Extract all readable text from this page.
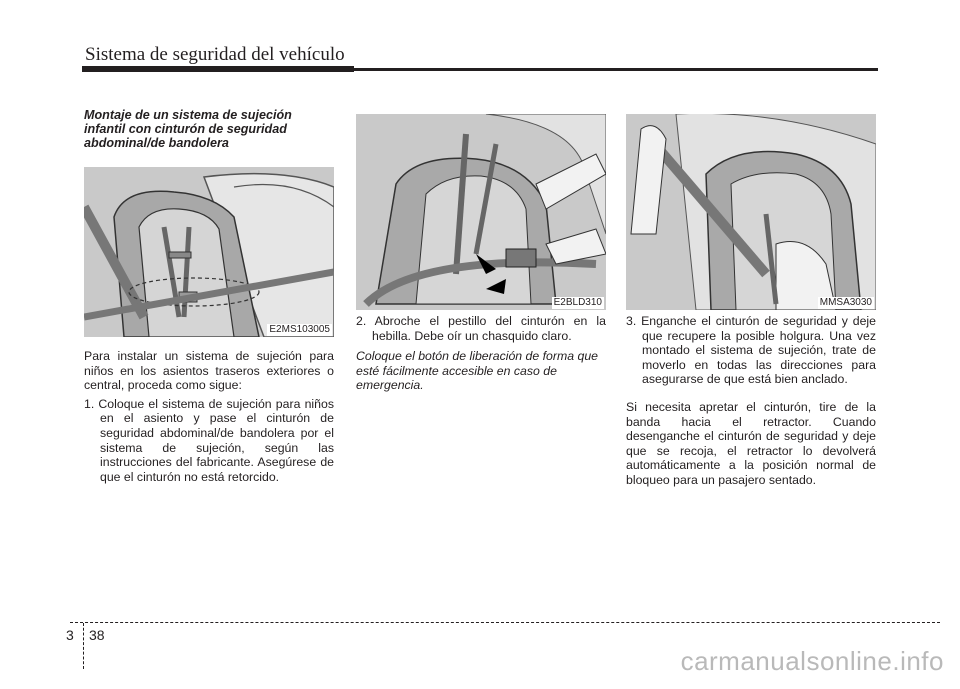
Sistema de seguridad del vehículo
Montaje de un sistema de sujeción infantil con cinturón de seguridad abdominal/de bandolera
E2MS103005

Para instalar un sistema de sujeción para niños en los asientos traseros exteriores o central, proceda como sigue:

1. Coloque el sistema de sujeción para niños en el asiento y pase el cinturón de seguridad abdominal/de bandolera por el sistema de sujeción, según las instrucciones del fabricante. Asegúrese de que el cinturón no está retorcido.

E2BLD310

2. Abroche el pestillo del cinturón en la hebilla. Debe oír un chasquido claro.

Coloque el botón de liberación de forma que esté fácilmente accesible en caso de emergencia.

MMSA3030

3. Enganche el cinturón de seguridad y deje que recupere la posible holgura. Una vez montado el sistema de sujeción, trate de moverlo en todas las direcciones para asegurarse de que está bien anclado.

Si necesita apretar el cinturón, tire de la banda hacia el retractor. Cuando desenganche el cinturón de seguridad y deje que se recoja, el retractor lo devolverá automáticamente a la posición normal de bloqueo para un pasajero sentado.

3 38
carmanualsonline.info
